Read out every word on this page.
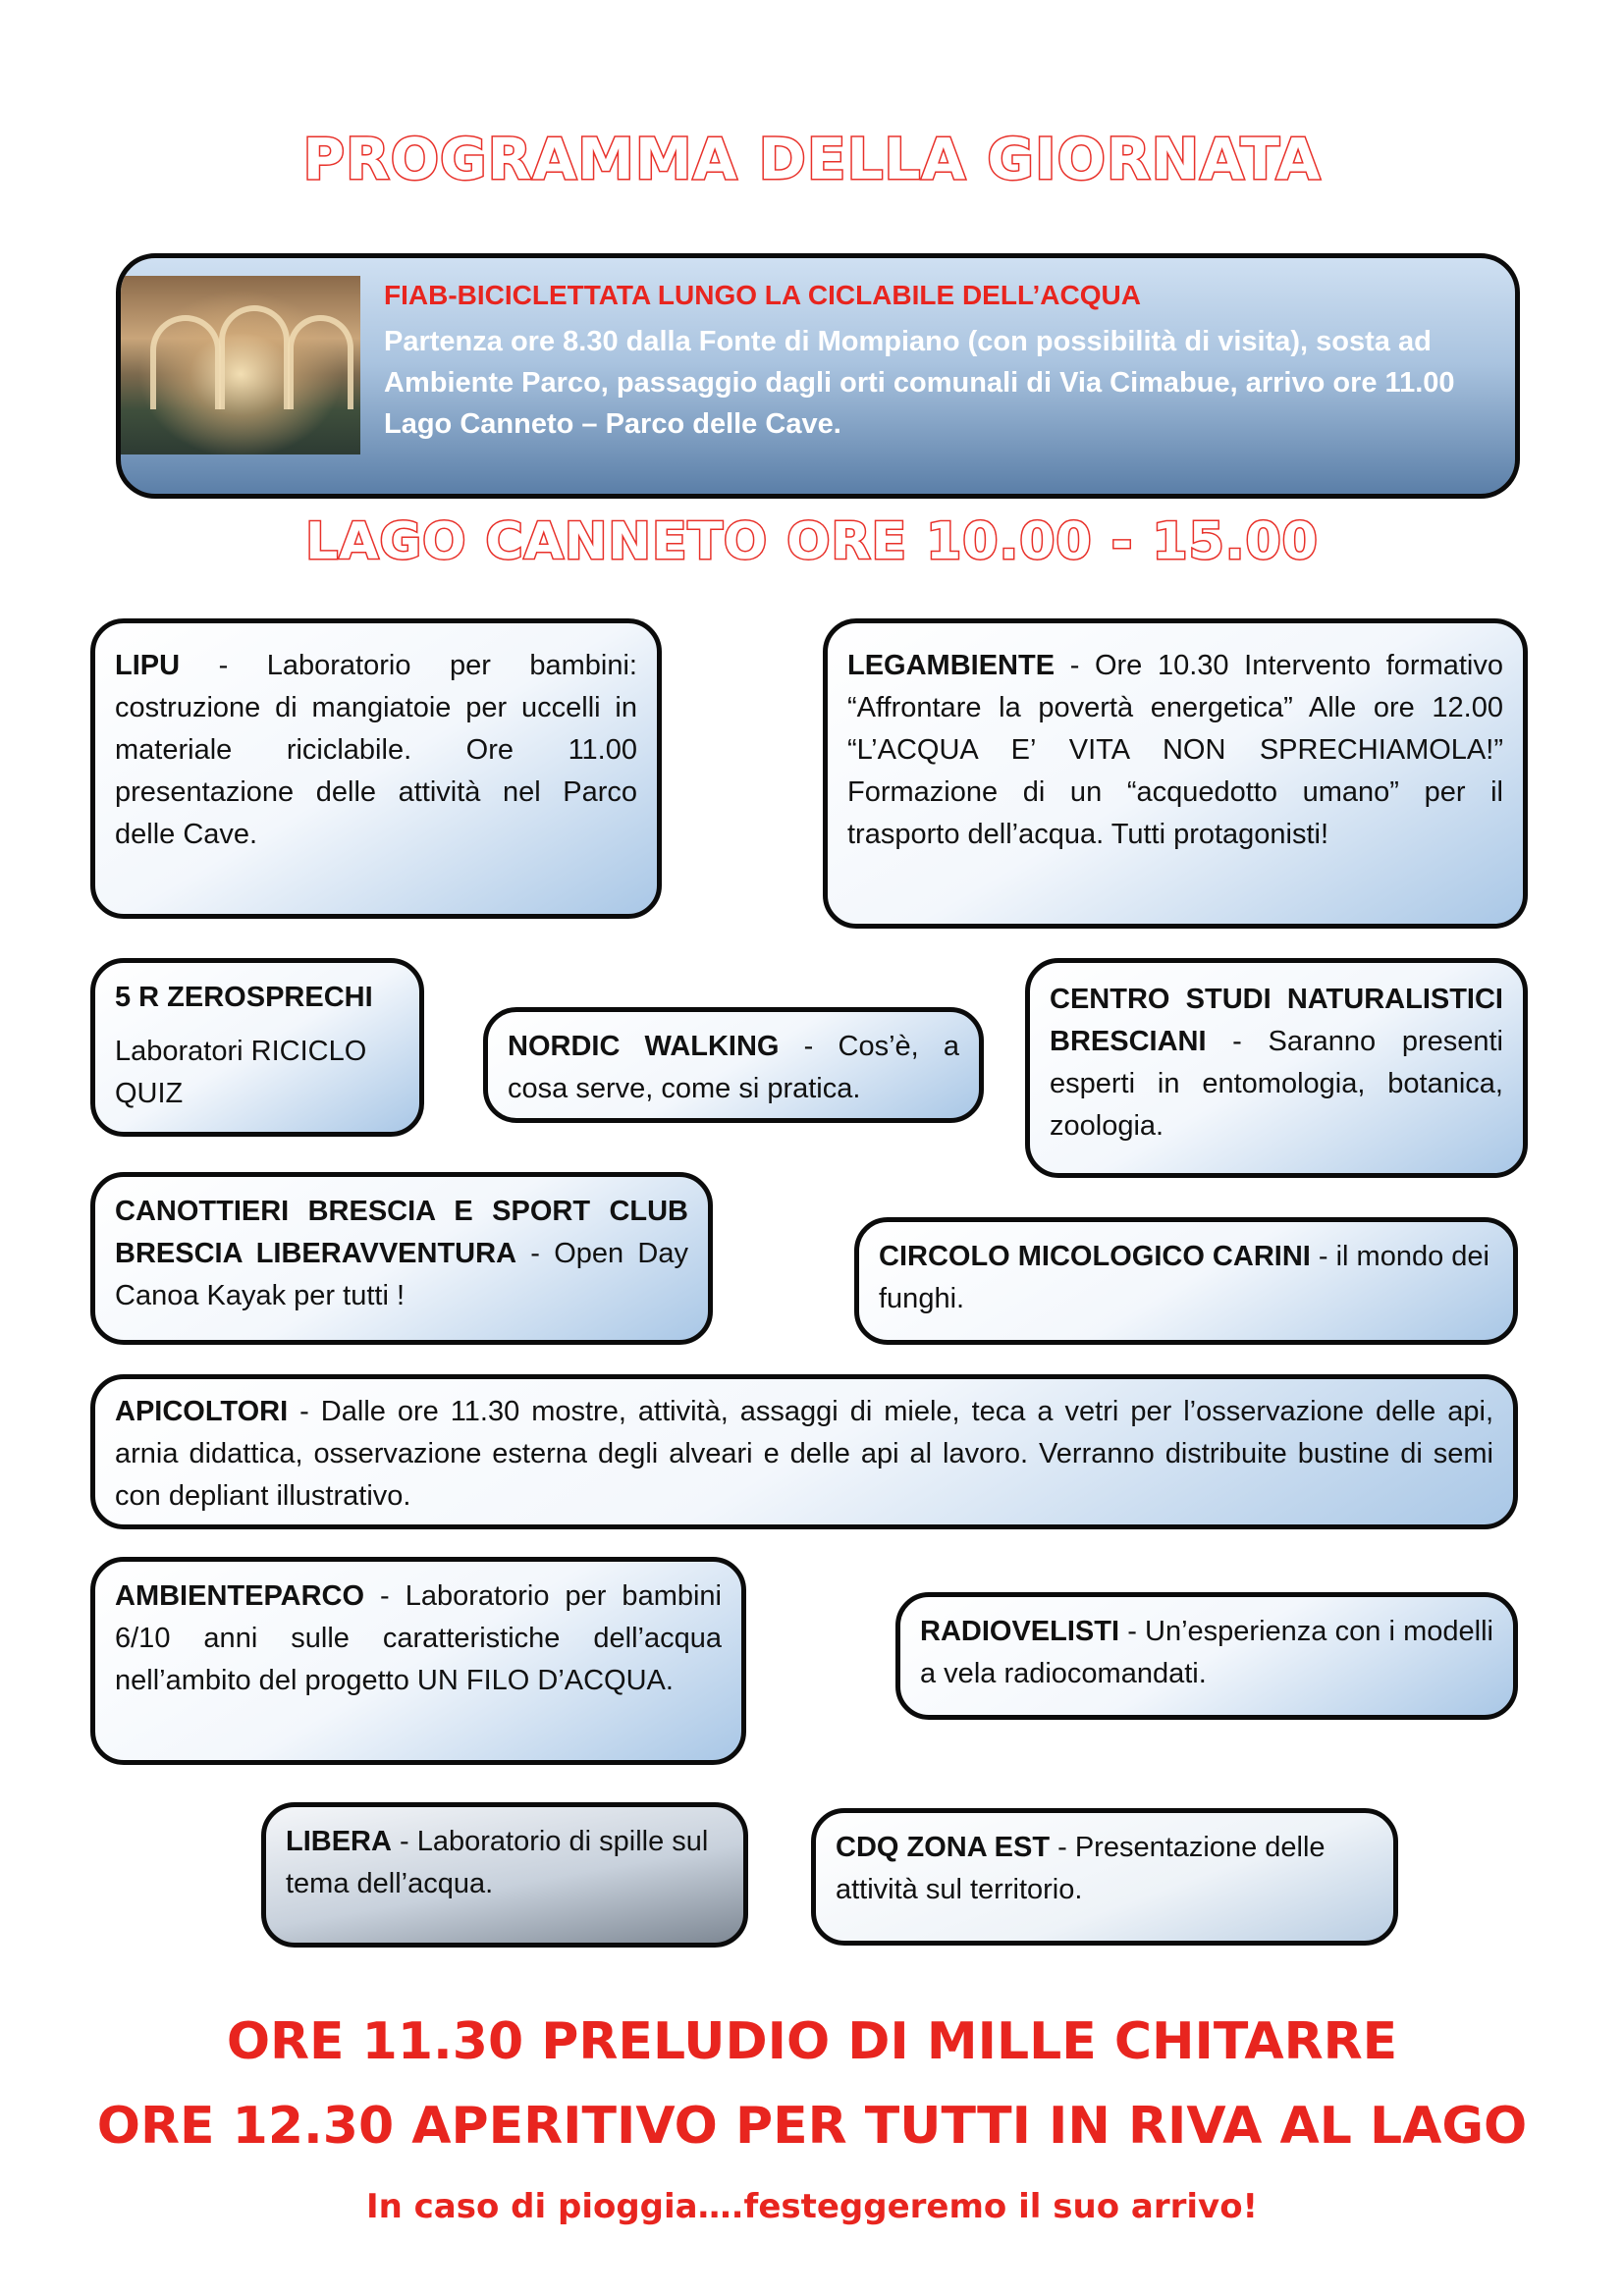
PROGRAMMA DELLA GIORNATA
FIAB-BICICLETTATA LUNGO LA CICLABILE DELL’ACQUA
Partenza ore 8.30 dalla Fonte di Mompiano (con possibilità di visita), sosta ad Ambiente Parco, passaggio dagli orti comunali di Via Cimabue, arrivo ore 11.00 Lago Canneto – Parco delle Cave.
LAGO CANNETO ORE 10.00 - 15.00
LIPU - Laboratorio per bambini: costruzione di mangiatoie per uccelli in materiale riciclabile. Ore 11.00 presentazione delle attività nel Parco delle Cave.
LEGAMBIENTE - Ore 10.30 Intervento formativo “Affrontare la povertà energetica” Alle ore 12.00 “L’ACQUA E’ VITA NON SPRECHIAMOLA!” Formazione di un “acquedotto umano” per il trasporto dell’acqua. Tutti protagonisti!
5 R ZEROSPRECHI
Laboratori RICICLO QUIZ
NORDIC WALKING - Cos’è, a cosa serve, come si pratica.
CENTRO STUDI NATURALISTICI BRESCIANI - Saranno presenti esperti in entomologia, botanica, zoologia.
CANOTTIERI BRESCIA E SPORT CLUB BRESCIA LIBERAVVENTURA - Open Day Canoa Kayak per tutti !
CIRCOLO MICOLOGICO CARINI - il mondo dei funghi.
APICOLTORI - Dalle ore 11.30 mostre, attività, assaggi di miele, teca a vetri per l’osservazione delle api, arnia didattica, osservazione esterna degli alveari e delle api al lavoro. Verranno distribuite bustine di semi con depliant illustrativo.
AMBIENTEPARCO - Laboratorio per bambini 6/10 anni sulle caratteristiche dell’acqua nell’ambito del progetto UN FILO D’ACQUA.
RADIOVELISTI - Un’esperienza con i modelli a vela radiocomandati.
LIBERA - Laboratorio di spille sul tema dell’acqua.
CDQ ZONA EST - Presentazione delle attività sul territorio.
ORE 11.30 PRELUDIO DI MILLE CHITARRE
ORE 12.30 APERITIVO PER TUTTI IN RIVA AL LAGO
In caso di pioggia….festeggeremo il suo arrivo!
